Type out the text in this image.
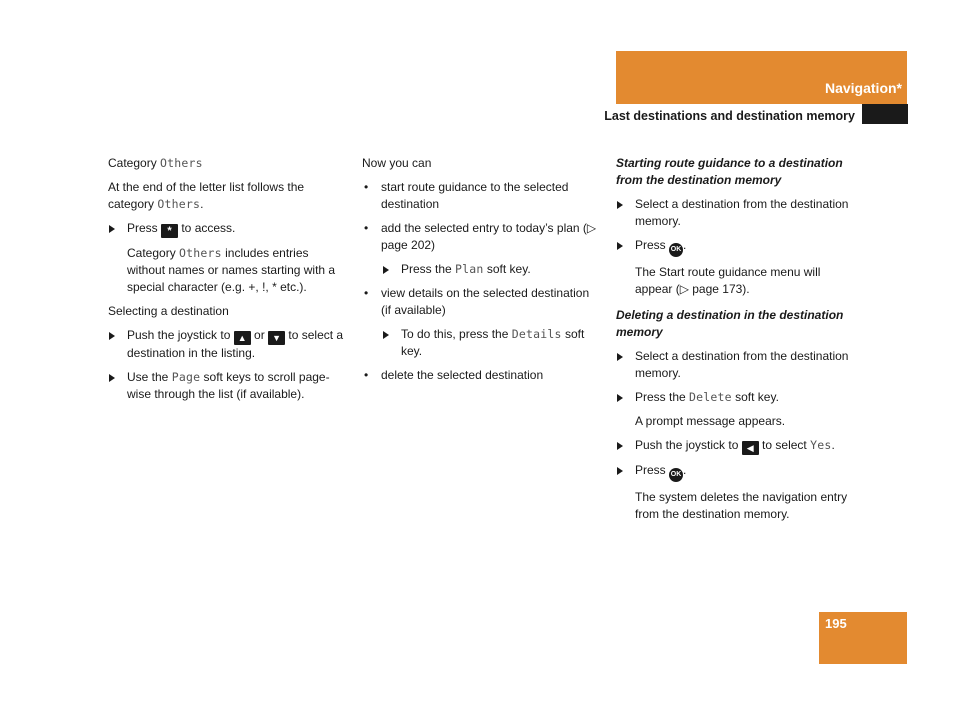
Navigation*
Last destinations and destination memory
Category Others
At the end of the letter list follows the category Others.
Press * to access.
Category Others includes entries without names or names starting with a special character (e.g. +, !, * etc.).
Selecting a destination
Push the joystick to ▲ or ▼ to select a destination in the listing.
Use the Page soft keys to scroll page-wise through the list (if available).
Now you can
• start route guidance to the selected destination
• add the selected entry to today’s plan (▷ page 202)
Press the Plan soft key.
• view details on the selected destination (if available)
To do this, press the Details soft key.
• delete the selected destination
Starting route guidance to a destination from the destination memory
Select a destination from the destination memory.
Press OK .
The Start route guidance menu will appear (▷ page 173).
Deleting a destination in the destination memory
Select a destination from the destination memory.
Press the Delete soft key.
A prompt message appears.
Push the joystick to ◀ to select Yes.
Press OK .
The system deletes the navigation entry from the destination memory.
195
